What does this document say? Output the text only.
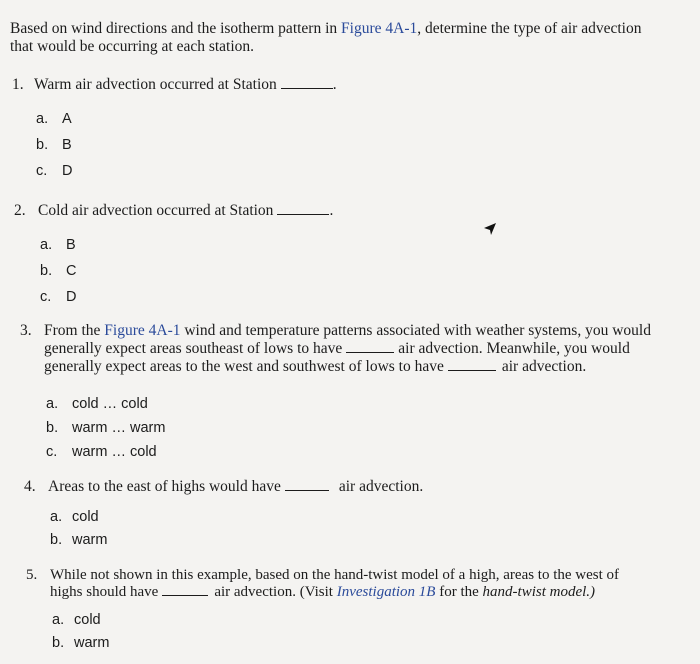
Based on wind directions and the isotherm pattern in Figure 4A-1, determine the type of air advection
that would be occurring at each station.
1. Warm air advection occurred at Station	.
a. A
b. B
c. D
2. Cold air advection occurred at Station	.
a. B
b. C
c. D
3. From the Figure 4A-1 wind and temperature patterns associated with weather systems, you would
generally expect areas southeast of lows to have	air advection. Meanwhile, you would
generally expect areas to the west and southwest of lows to have	air advection.
a. cold … cold
b. warm … warm
c. warm … cold
4. Areas to the east of highs would have	air advection.
a. cold
b. warm
5. While not shown in this example, based on the hand-twist model of a high, areas to the west of
highs should have	air advection. (Visit Investigation 1B for the hand-twist model.)
a. cold
b. warm
